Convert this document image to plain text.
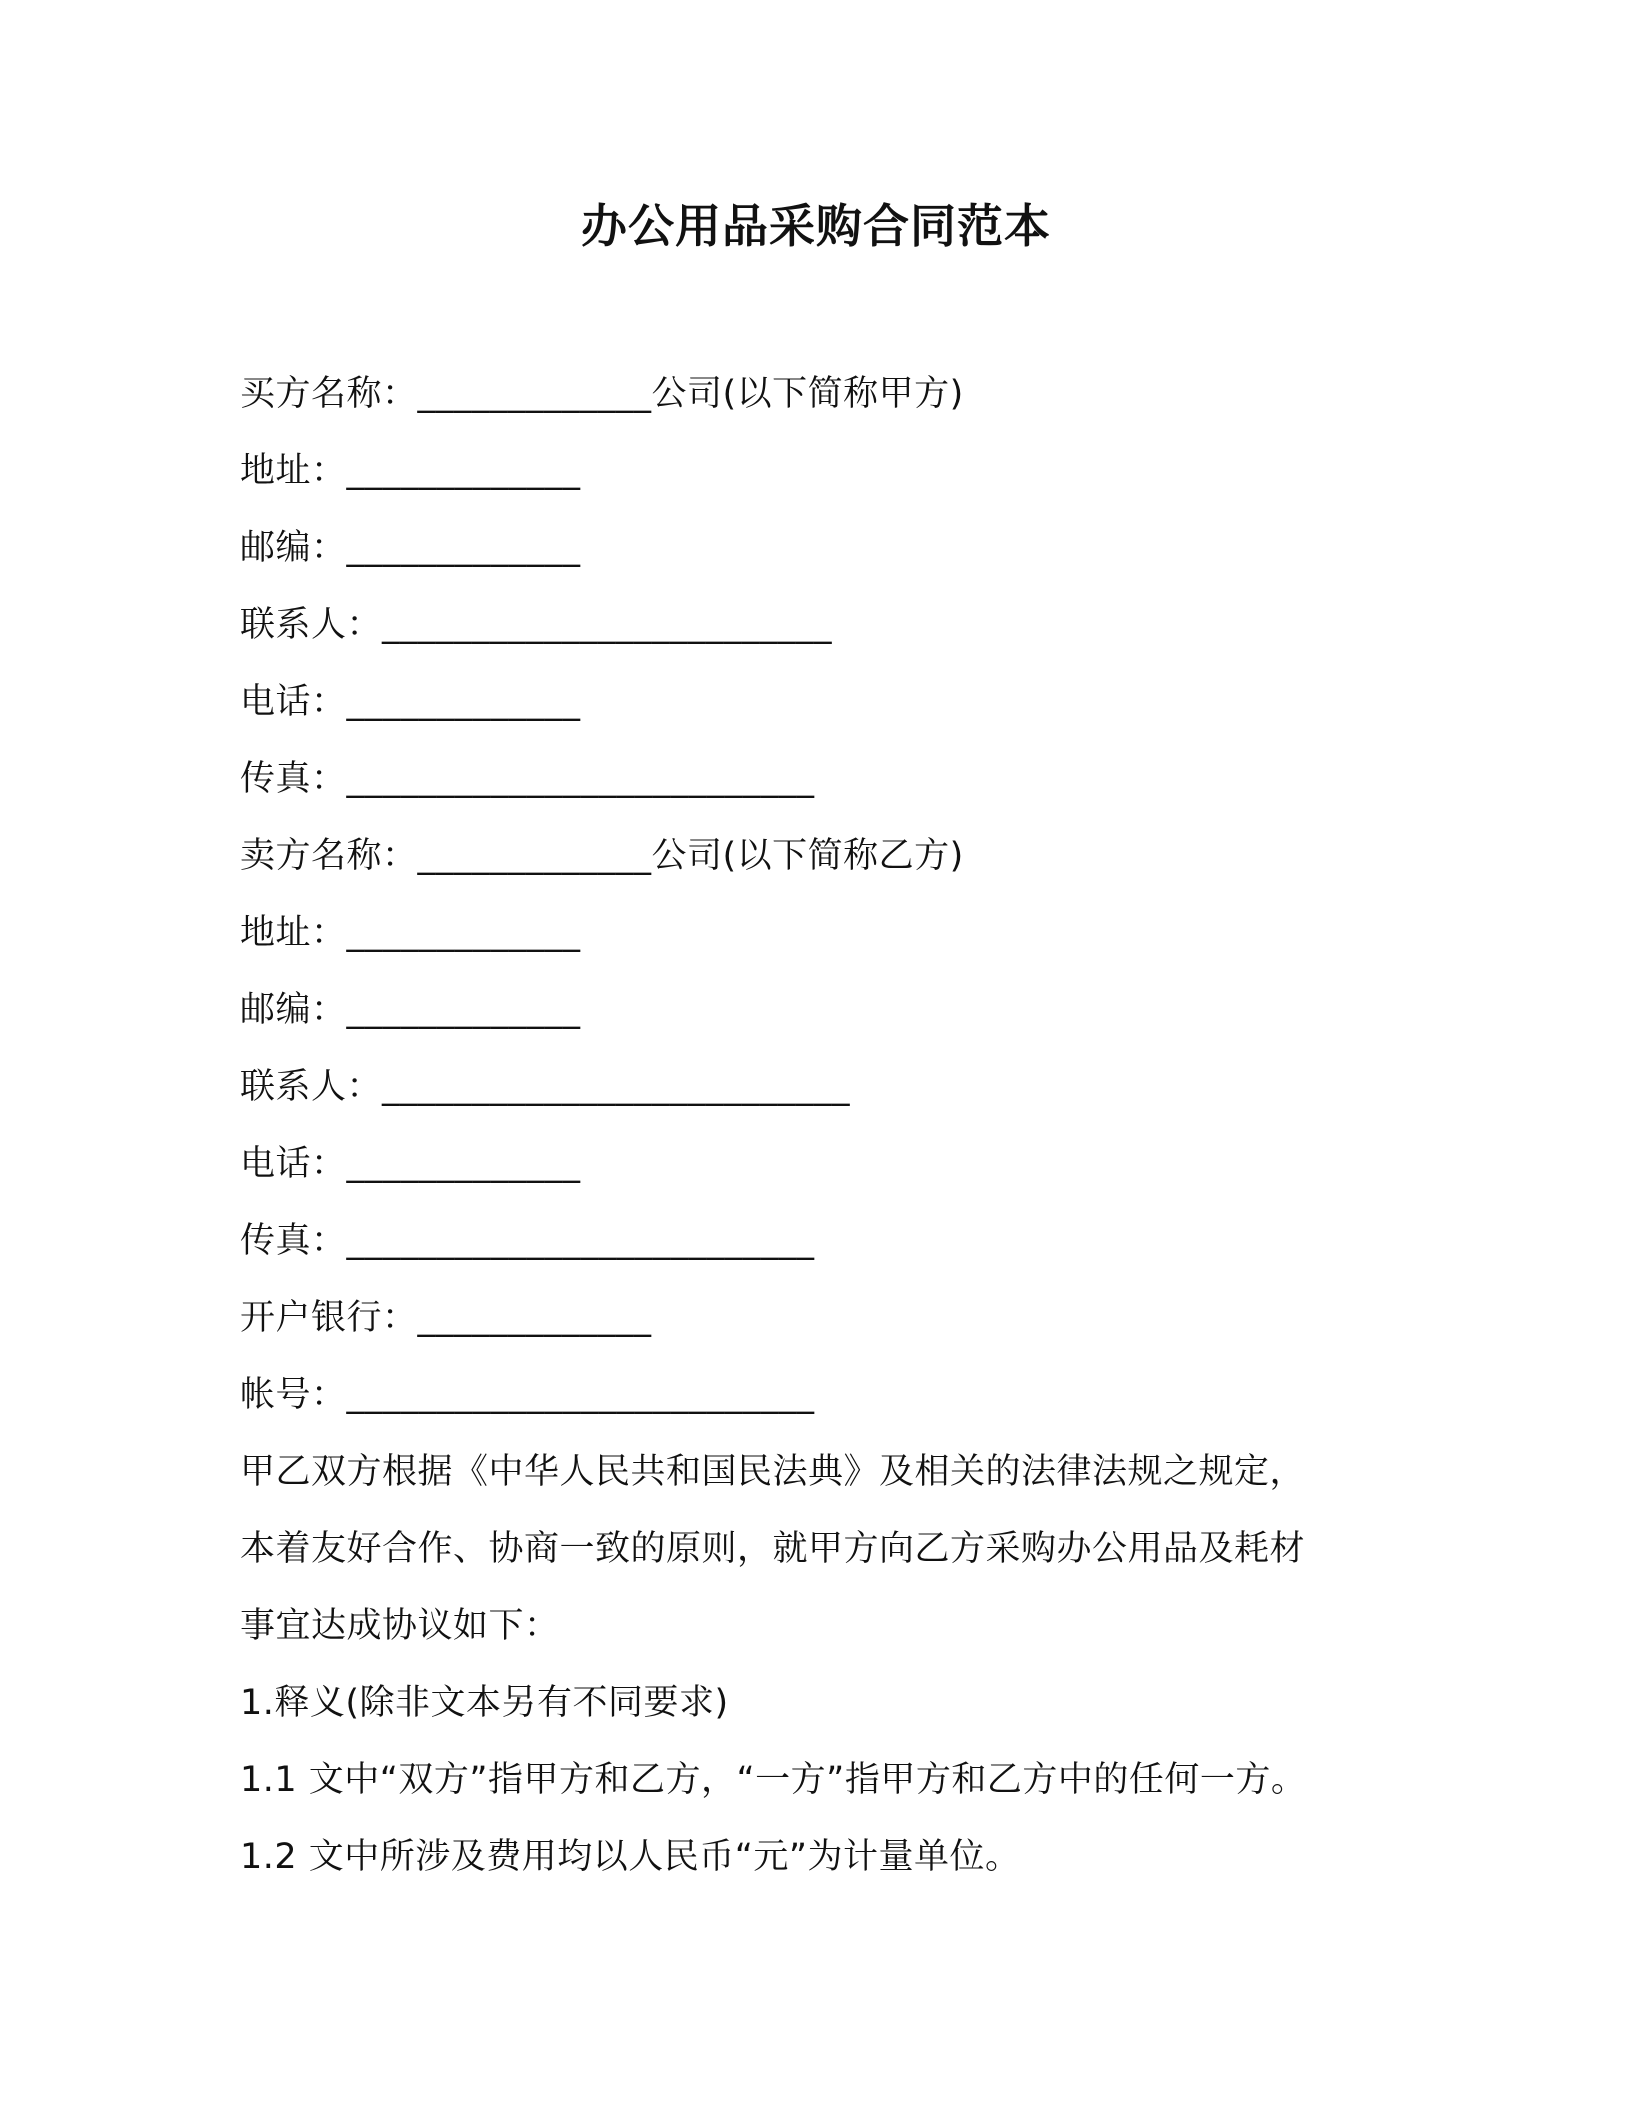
办公用品采购合同范本
买方名称：_____________公司(以下简称甲方)
地址：_____________
邮编：_____________
联系人：_________________________
电话：_____________
传真：__________________________
卖方名称：_____________公司(以下简称乙方)
地址：_____________
邮编：_____________
联系人：__________________________
电话：_____________
传真：__________________________
开户银行：_____________
帐号：__________________________
甲乙双方根据《中华人民共和国民法典》及相关的法律法规之规定，
本着友好合作、协商一致的原则，就甲方向乙方采购办公用品及耗材
事宜达成协议如下：
1.释义(除非文本另有不同要求)
1.1 文中“双方”指甲方和乙方，“一方”指甲方和乙方中的任何一方。
1.2 文中所涉及费用均以人民币“元”为计量单位。
